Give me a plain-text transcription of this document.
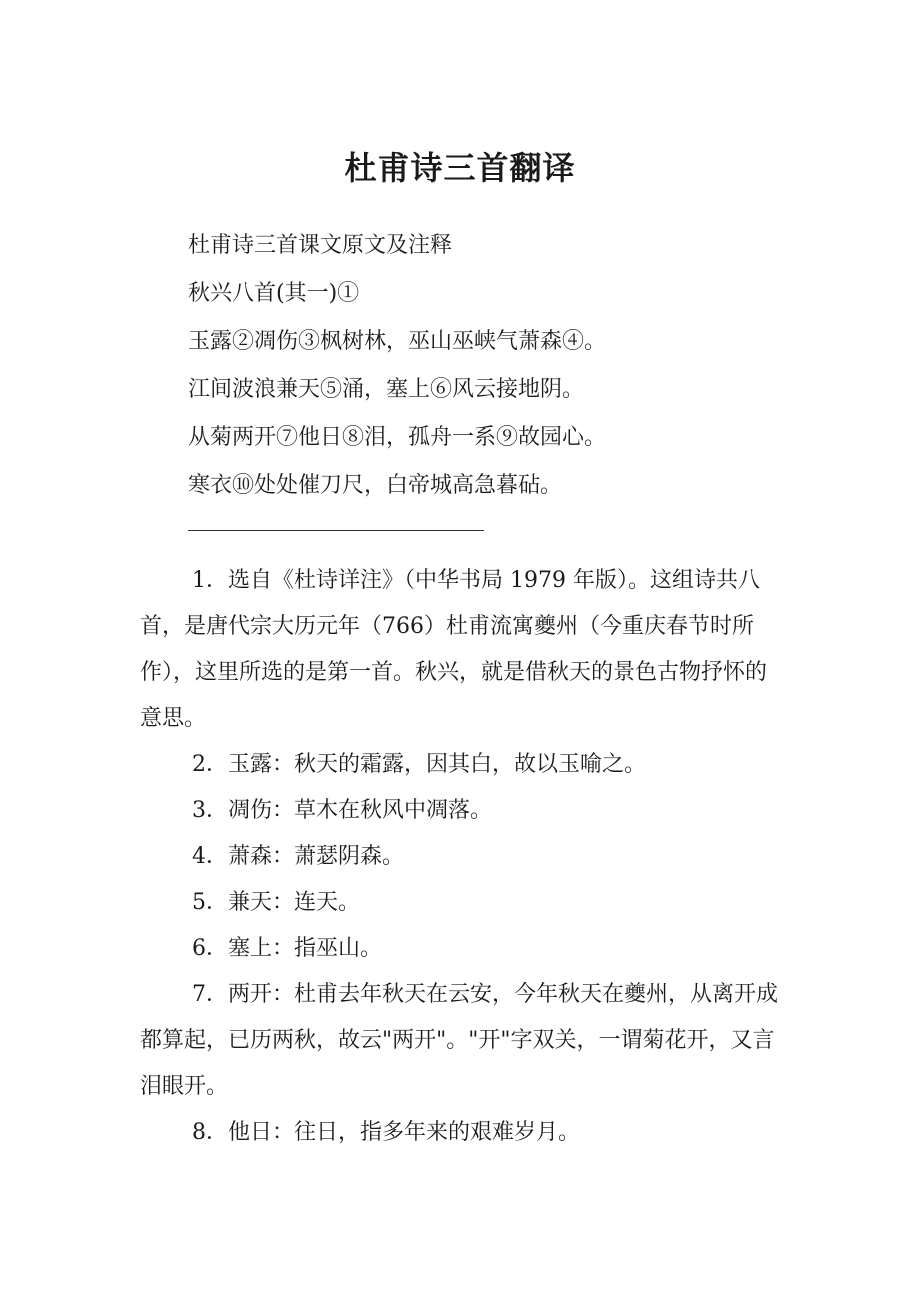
杜甫诗三首翻译
杜甫诗三首课文原文及注释
秋兴八首(其一)①
玉露②凋伤③枫树林，巫山巫峡气萧森④。
江间波浪兼天⑤涌，塞上⑥风云接地阴。
从菊两开⑦他日⑧泪，孤舟一系⑨故园心。
寒衣⑩处处催刀尺，白帝城高急暮砧。

1．选自《杜诗详注》（中华书局 1979 年版）。这组诗共八首，是唐代宗大历元年（766）杜甫流寓夔州（今重庆春节时所作），这里所选的是第一首。秋兴，就是借秋天的景色古物抒怀的意思。

2．玉露：秋天的霜露，因其白，故以玉喻之。

3．凋伤：草木在秋风中凋落。

4．萧森：萧瑟阴森。

5．兼天：连天。

6．塞上：指巫山。

7．两开：杜甫去年秋天在云安，今年秋天在夔州，从离开成都算起，已历两秋，故云"两开"。"开"字双关，一谓菊花开，又言泪眼开。

8．他日：往日，指多年来的艰难岁月。
